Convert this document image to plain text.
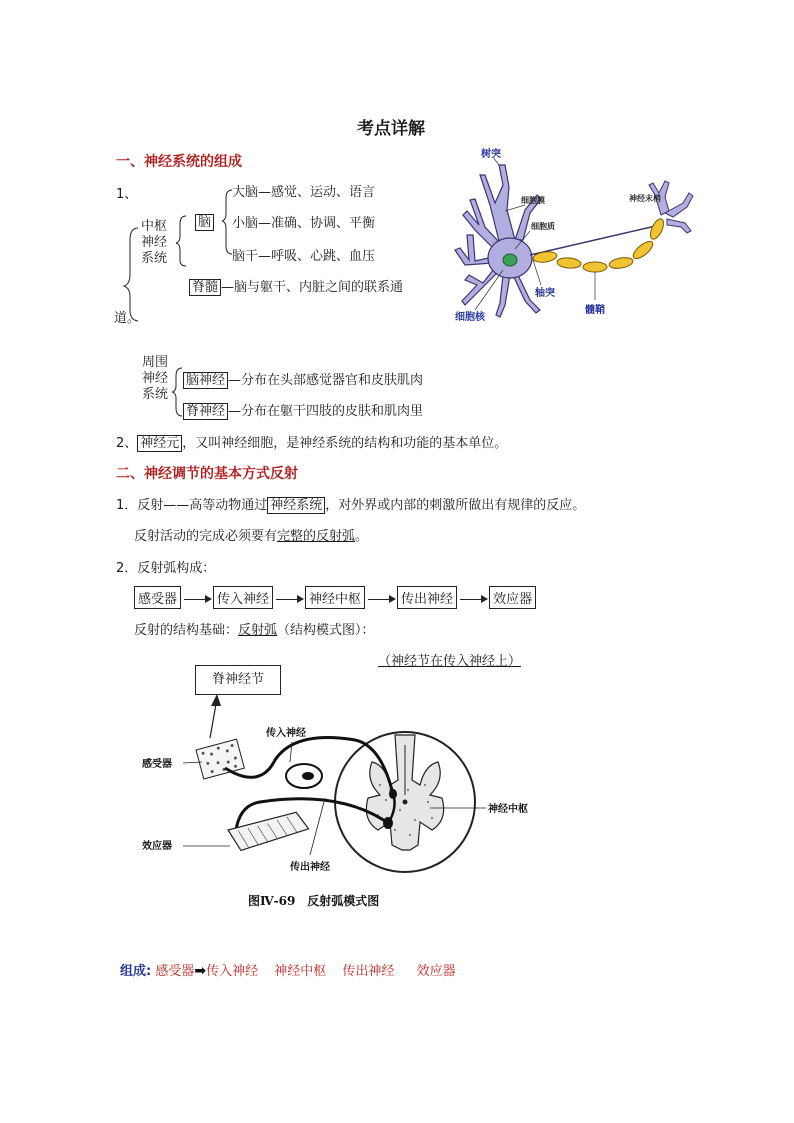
考点详解
一、神经系统的组成
1、
中枢
神经
系统
脑
大脑—感觉、运动、语言
小脑—准确、协调、平衡
脑干—呼吸、心跳、血压
脊髓 —脑与躯干、内脏之间的联系通
道。
周围
神经
系统
脑神经 —分布在头部感觉器官和皮肤肌肉
脊神经 —分布在躯干四肢的皮肤和肌肉里
2、 神经元 ，又叫神经细胞，是神经系统的结构和功能的基本单位。
树突
细胞膜
细胞质
神经末梢
细胞核
轴突
髓鞘
二、神经调节的基本方式反射
1．反射——高等动物通过 神经系统 ，对外界或内部的刺激所做出有规律的反应。
反射活动的完成必须要有完整的反射弧。
2．反射弧构成：
感受器	传入神经	神经中枢	传出神经	效应器
反射的结构基础：反射弧（结构模式图）：
（神经节在传入神经上）
脊神经节
传入神经
感受器
神经中枢
效应器
传出神经
图Ⅳ-69　反射弧模式图
组成: 感受器➡传入神经 神经中枢 传出神经 效应器
